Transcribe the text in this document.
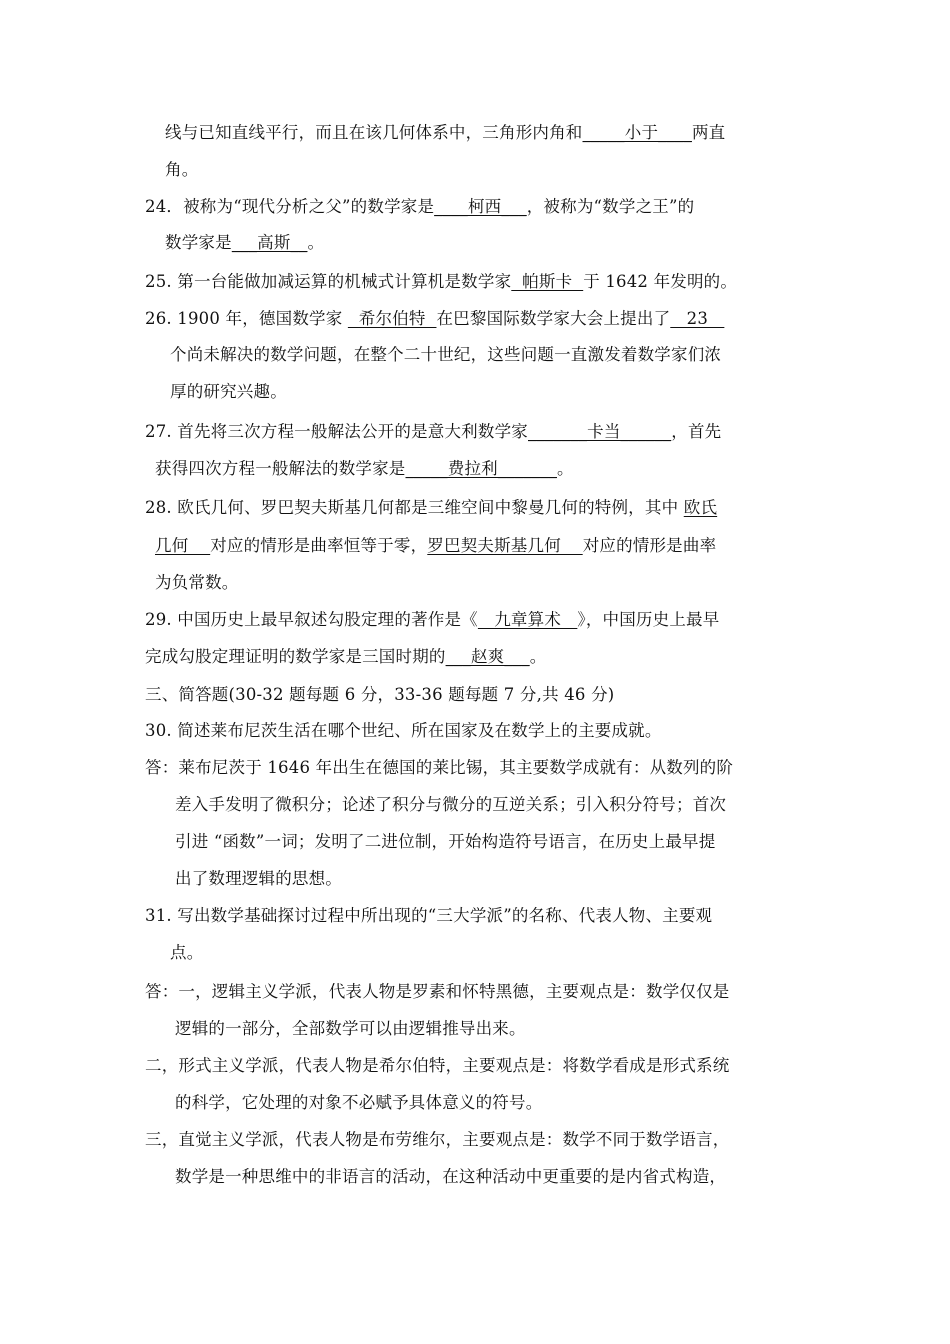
线与已知直线平行，而且在该几何体系中，三角形内角和_____小于____两直
角。
24．被称为“现代分析之父”的数学家是____柯西___，被称为“数学之王”的
数学家是___高斯__。
25. 第一台能做加减运算的机械式计算机是数学家  帕斯卡  于 1642 年发明的。
26. 1900 年，德国数学家   希尔伯特  在巴黎国际数学家大会上提出了   23
个尚未解决的数学问题，在整个二十世纪，这些问题一直激发着数学家们浓
厚的研究兴趣。
27. 首先将三次方程一般解法公开的是意大利数学家_______卡当______，首先
获得四次方程一般解法的数学家是_____费拉利_______。
28. 欧氏几何、罗巴契夫斯基几何都是三维空间中黎曼几何的特例，其中 欧氏
几何    对应的情形是曲率恒等于零，罗巴契夫斯基几何    对应的情形是曲率
为负常数。
29. 中国历史上最早叙述勾股定理的著作是《   九章算术   》，中国历史上最早
完成勾股定理证明的数学家是三国时期的___赵爽___。
三、简答题(30-32 题每题 6 分，33-36 题每题 7 分,共 46 分)
30. 简述莱布尼茨生活在哪个世纪、所在国家及在数学上的主要成就。
答：莱布尼茨于 1646 年出生在德国的莱比锡，其主要数学成就有：从数列的阶
差入手发明了微积分；论述了积分与微分的互逆关系；引入积分符号；首次
引进 “函数”一词；发明了二进位制，开始构造符号语言，在历史上最早提
出了数理逻辑的思想。
31. 写出数学基础探讨过程中所出现的“三大学派”的名称、代表人物、主要观
点。
答：一，逻辑主义学派，代表人物是罗素和怀特黑德，主要观点是：数学仅仅是
逻辑的一部分，全部数学可以由逻辑推导出来。
二，形式主义学派，代表人物是希尔伯特，主要观点是：将数学看成是形式系统
的科学，它处理的对象不必赋予具体意义的符号。
三，直觉主义学派，代表人物是布劳维尔，主要观点是：数学不同于数学语言，
数学是一种思维中的非语言的活动，在这种活动中更重要的是内省式构造，
